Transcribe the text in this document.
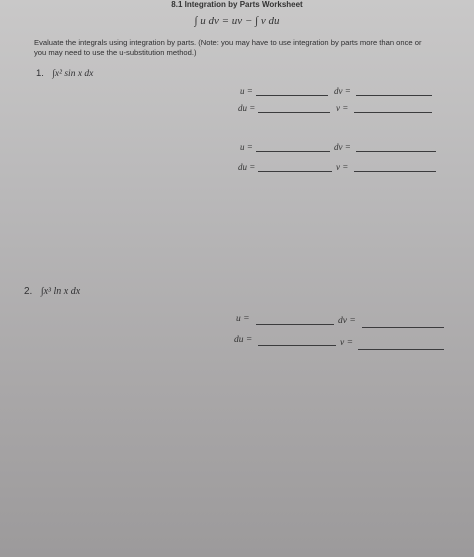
8.1 Integration by Parts Worksheet
∫ u dv = uv − ∫ v du
Evaluate the integrals using integration by parts. (Note: you may have to use integration by parts more than once or you may need to use the u-substitution method.)
1. ∫x² sin x dx
u =	dv =
du =	v =
u =	dv =
du =	v =
2. ∫x³ ln x dx
u =	dv =
du =	v =
